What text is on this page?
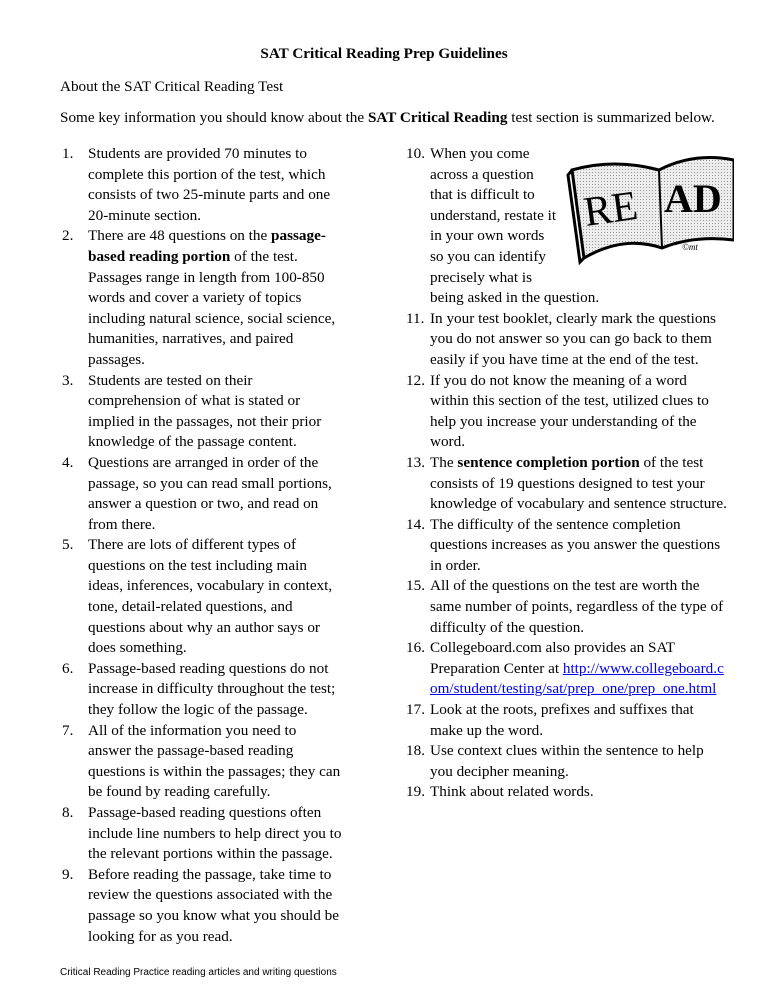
SAT Critical Reading Prep Guidelines
About the SAT Critical Reading Test
Some key information you should know about the SAT Critical Reading test section is summarized below.
1. Students are provided 70 minutes to complete this portion of the test, which consists of two 25-minute parts and one 20-minute section.
2. There are 48 questions on the passage-based reading portion of the test. Passages range in length from 100-850 words and cover a variety of topics including natural science, social science, humanities, narratives, and paired passages.
3. Students are tested on their comprehension of what is stated or implied in the passages, not their prior knowledge of the passage content.
4. Questions are arranged in order of the passage, so you can read small portions, answer a question or two, and read on from there.
5. There are lots of different types of questions on the test including main ideas, inferences, vocabulary in context, tone, detail-related questions, and questions about why an author says or does something.
6. Passage-based reading questions do not increase in difficulty throughout the test; they follow the logic of the passage.
7. All of the information you need to answer the passage-based reading questions is within the passages; they can be found by reading carefully.
8. Passage-based reading questions often include line numbers to help direct you to the relevant portions within the passage.
9. Before reading the passage, take time to review the questions associated with the passage so you know what you should be looking for as you read.
10.
RE AD
©mt
When you come across a question that is difficult to understand, restate it in your own words so you can identify precisely what is being asked in the question.
11. In your test booklet, clearly mark the questions you do not answer so you can go back to them easily if you have time at the end of the test.
12. If you do not know the meaning of a word within this section of the test, utilized clues to help you increase your understanding of the word.
13. The sentence completion portion of the test consists of 19 questions designed to test your knowledge of vocabulary and sentence structure.
14. The difficulty of the sentence completion questions increases as you answer the questions in order.
15. All of the questions on the test are worth the same number of points, regardless of the type of difficulty of the question.
16. Collegeboard.com also provides an SAT Preparation Center at http://www.collegeboard.com/student/testing/sat/prep_one/prep_one.html
17. Look at the roots, prefixes and suffixes that make up the word.
18. Use context clues within the sentence to help you decipher meaning.
19. Think about related words.
Critical Reading Practice reading articles and writing questions
